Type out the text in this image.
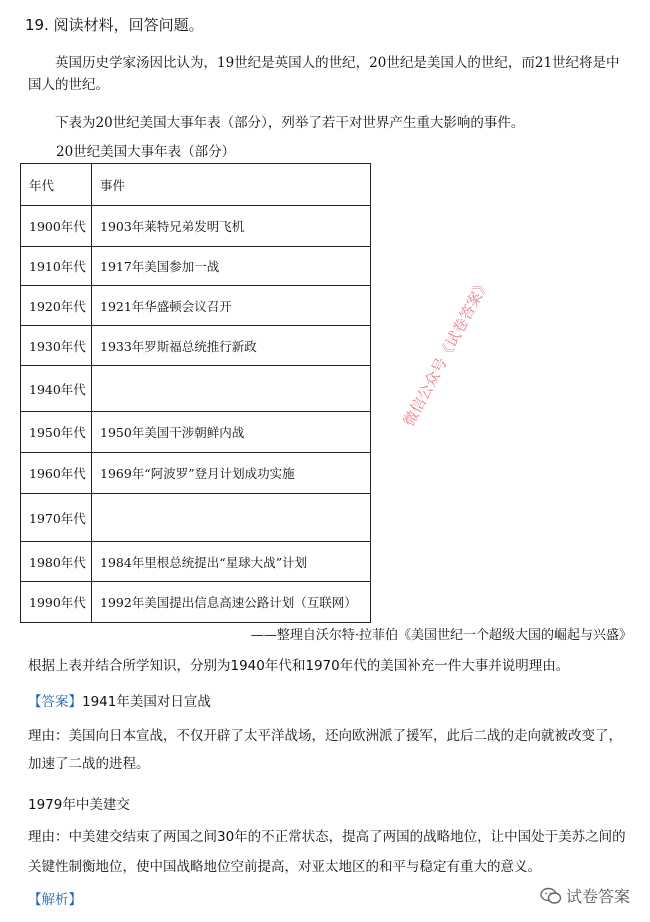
19. 阅读材料，回答问题。
英国历史学家汤因比认为，19世纪是英国人的世纪，20世纪是美国人的世纪，而21世纪将是中国人的世纪。
下表为20世纪美国大事年表（部分），列举了若干对世界产生重大影响的事件。
20世纪美国大事年表（部分）
年代	事件
1900年代	1903年莱特兄弟发明飞机
1910年代	1917年美国参加一战
1920年代	1921年华盛顿会议召开
1930年代	1933年罗斯福总统推行新政
1940年代	
1950年代	1950年美国干涉朝鲜内战
1960年代	1969年“阿波罗”登月计划成功实施
1970年代	
1980年代	1984年里根总统提出“星球大战”计划
1990年代	1992年美国提出信息高速公路计划（互联网）
——整理自沃尔特·拉菲伯《美国世纪一个超级大国的崛起与兴盛》
根据上表并结合所学知识，分别为1940年代和1970年代的美国补充一件大事并说明理由。
【答案】1941年美国对日宣战
理由：美国向日本宣战，不仅开辟了太平洋战场，还向欧洲派了援军，此后二战的走向就被改变了，加速了二战的进程。
1979年中美建交
理由：中美建交结束了两国之间30年的不正常状态，提高了两国的战略地位，让中国处于美苏之间的关键性制衡地位，使中国战略地位空前提高，对亚太地区的和平与稳定有重大的意义。
【解析】
微信公众号《试卷答案》
试卷答案
